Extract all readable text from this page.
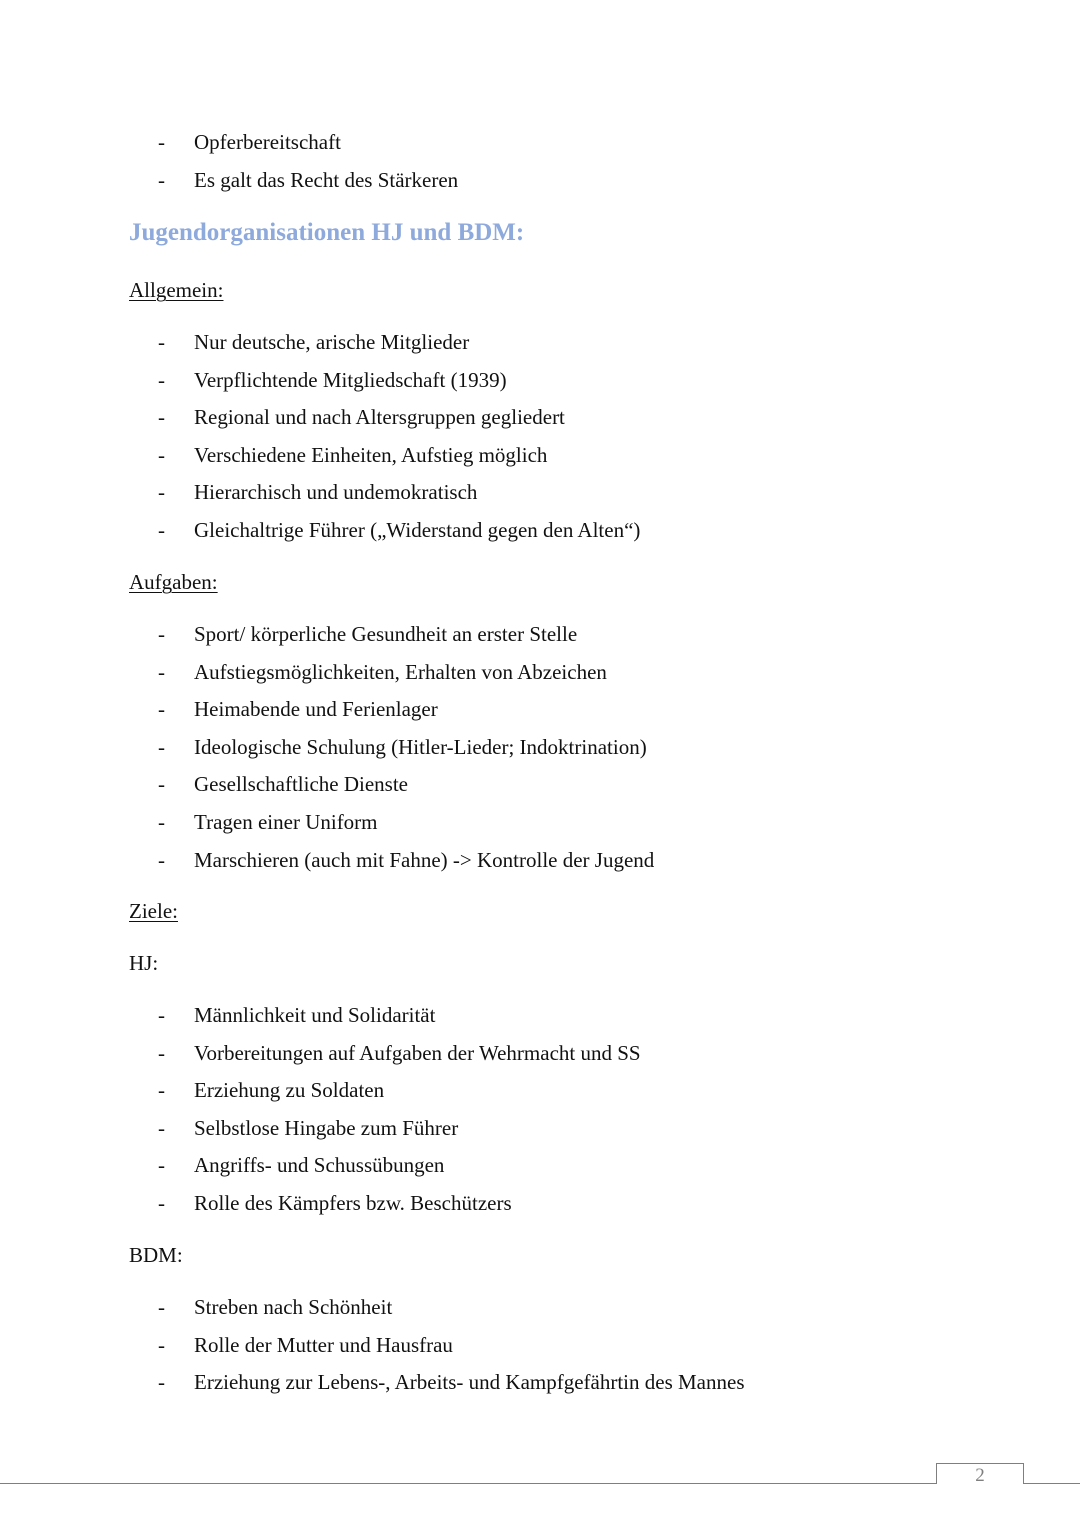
- Opferbereitschaft
- Es galt das Recht des Stärkeren
Jugendorganisationen HJ und BDM:
Allgemein:
- Nur deutsche, arische Mitglieder
- Verpflichtende Mitgliedschaft (1939)
- Regional und nach Altersgruppen gegliedert
- Verschiedene Einheiten, Aufstieg möglich
- Hierarchisch und undemokratisch
- Gleichaltrige Führer („Widerstand gegen den Alten“)
Aufgaben:
- Sport/ körperliche Gesundheit an erster Stelle
- Aufstiegsmöglichkeiten, Erhalten von Abzeichen
- Heimabende und Ferienlager
- Ideologische Schulung (Hitler-Lieder; Indoktrination)
- Gesellschaftliche Dienste
- Tragen einer Uniform
- Marschieren (auch mit Fahne) -> Kontrolle der Jugend
Ziele:
HJ:
- Männlichkeit und Solidarität
- Vorbereitungen auf Aufgaben der Wehrmacht und SS
- Erziehung zu Soldaten
- Selbstlose Hingabe zum Führer
- Angriffs- und Schussübungen
- Rolle des Kämpfers bzw. Beschützers
BDM:
- Streben nach Schönheit
- Rolle der Mutter und Hausfrau
- Erziehung zur Lebens-, Arbeits- und Kampfgefährtin des Mannes
2
